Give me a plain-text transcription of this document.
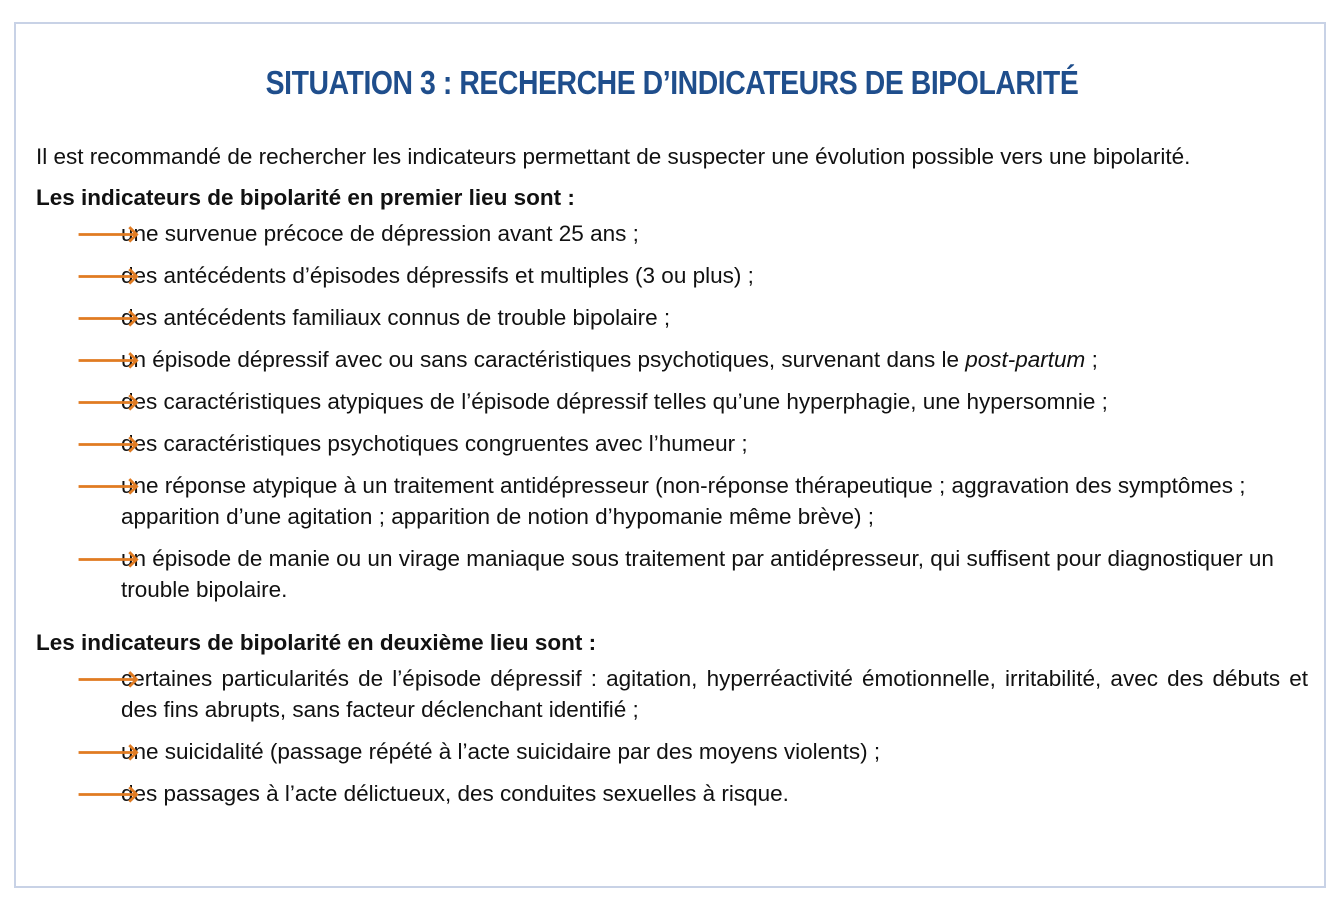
SITUATION 3 : RECHERCHE D’INDICATEURS DE BIPOLARITÉ

Il est recommandé de rechercher les indicateurs permettant de suspecter une évolution possible vers une bipolarité.

Les indicateurs de bipolarité en premier lieu sont :

🡒
une survenue précoce de dépression avant 25 ans ;
🡒
des antécédents d’épisodes dépressifs et multiples (3 ou plus) ;
🡒
des antécédents familiaux connus de trouble bipolaire ;
🡒
un épisode dépressif avec ou sans caractéristiques psychotiques, survenant dans le post-partum ;
🡒
des caractéristiques atypiques de l’épisode dépressif telles qu’une hyperphagie, une hypersomnie ;
🡒
des caractéristiques psychotiques congruentes avec l’humeur ;
🡒
une réponse atypique à un traitement antidépresseur (non-réponse thérapeutique ; aggravation des symptômes ; apparition d’une agitation ; apparition de notion d’hypomanie même brève) ;
🡒
un épisode de manie ou un virage maniaque sous traitement par antidépresseur, qui suffisent pour diagnostiquer un trouble bipolaire.

Les indicateurs de bipolarité en deuxième lieu sont :

🡒
certaines particularités de l’épisode dépressif : agitation, hyperréactivité émotionnelle, irritabilité, avec des débuts et des fins abrupts, sans facteur déclenchant identifié ;
🡒
une suicidalité (passage répété à l’acte suicidaire par des moyens violents) ;
🡒
des passages à l’acte délictueux, des conduites sexuelles à risque.
